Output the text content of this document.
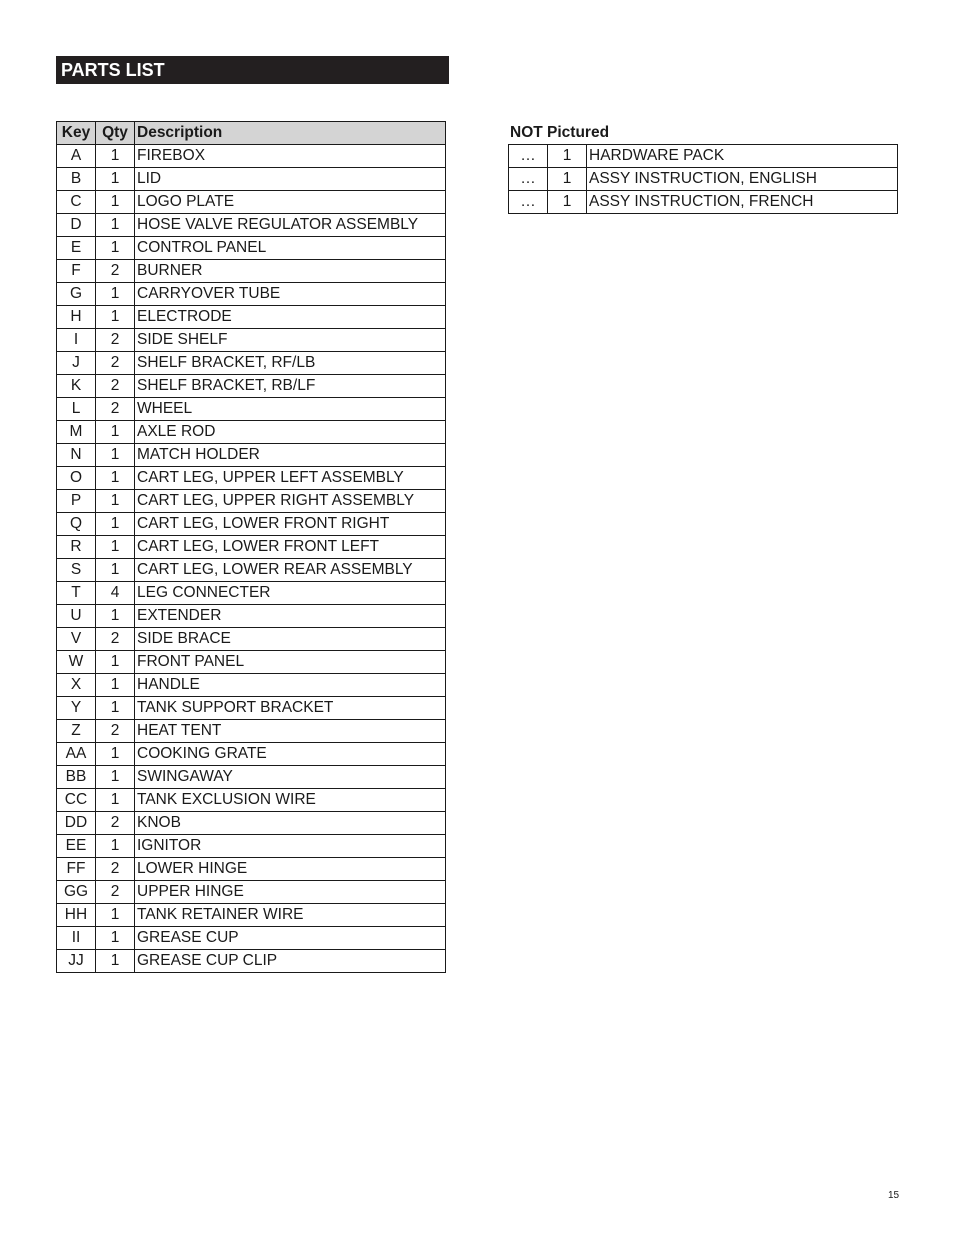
PARTS LIST
Key	Qty	Description
A	1	FIREBOX
B	1	LID
C	1	LOGO PLATE
D	1	HOSE VALVE REGULATOR ASSEMBLY
E	1	CONTROL PANEL
F	2	BURNER
G	1	CARRYOVER TUBE
H	1	ELECTRODE
I	2	SIDE SHELF
J	2	SHELF BRACKET, RF/LB
K	2	SHELF BRACKET, RB/LF
L	2	WHEEL
M	1	AXLE ROD
N	1	MATCH HOLDER
O	1	CART LEG, UPPER LEFT ASSEMBLY
P	1	CART LEG, UPPER RIGHT ASSEMBLY
Q	1	CART LEG, LOWER FRONT RIGHT
R	1	CART LEG, LOWER FRONT LEFT
S	1	CART LEG, LOWER REAR ASSEMBLY
T	4	LEG CONNECTER
U	1	EXTENDER
V	2	SIDE BRACE
W	1	FRONT PANEL
X	1	HANDLE
Y	1	TANK SUPPORT BRACKET
Z	2	HEAT TENT
AA	1	COOKING GRATE
BB	1	SWINGAWAY
CC	1	TANK EXCLUSION WIRE
DD	2	KNOB
EE	1	IGNITOR
FF	2	LOWER HINGE
GG	2	UPPER HINGE
HH	1	TANK RETAINER WIRE
II	1	GREASE CUP
JJ	1	GREASE CUP CLIP
NOT Pictured
…	1	HARDWARE PACK
…	1	ASSY INSTRUCTION, ENGLISH
…	1	ASSY INSTRUCTION, FRENCH
15
